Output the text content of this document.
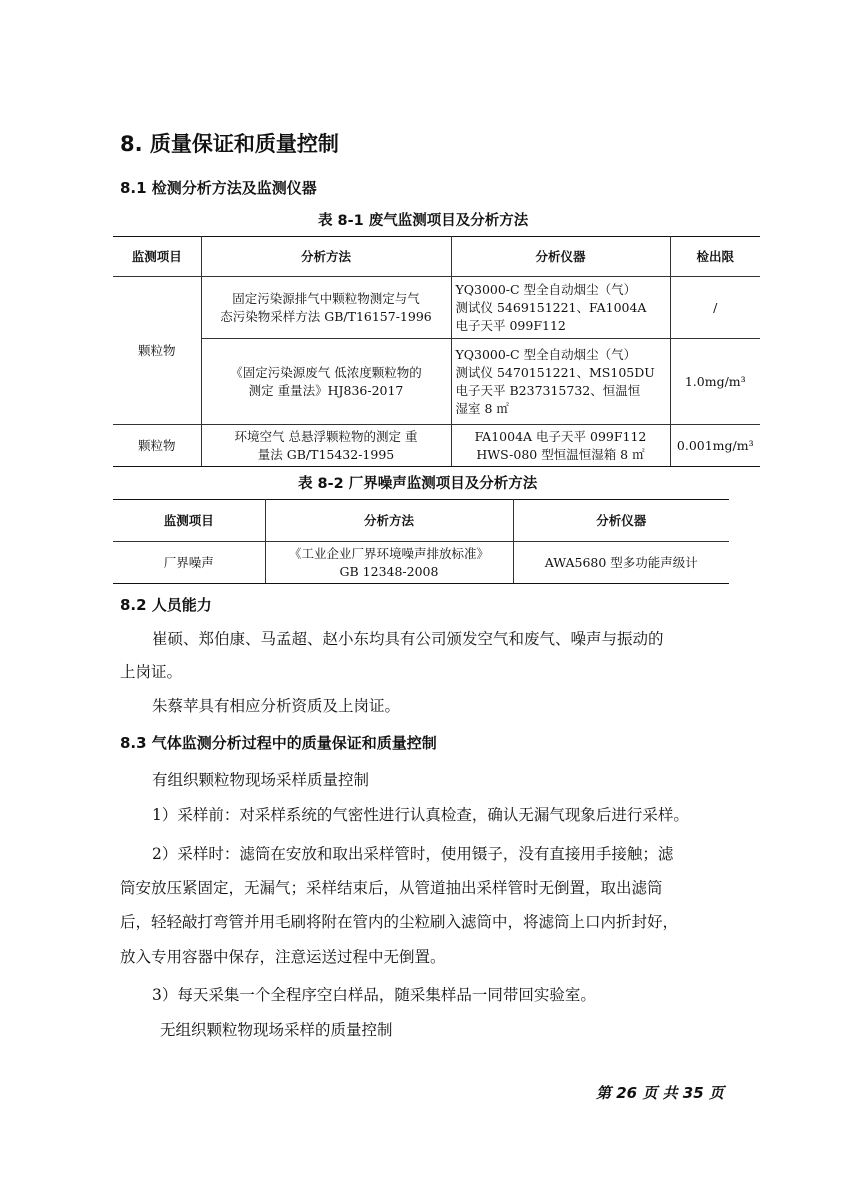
8. 质量保证和质量控制
8.1 检测分析方法及监测仪器
表 8-1 废气监测项目及分析方法
监测项目	分析方法	分析仪器	检出限
颗粒物	固定污染源排气中颗粒物测定与气
态污染物采样方法 GB/T16157-1996	YQ3000-C 型全自动烟尘（气）
测试仪 5469151221、FA1004A
电子天平 099F112	/

	《固定污染源废气 低浓度颗粒物的
测定 重量法》HJ836-2017	YQ3000-C 型全自动烟尘（气）
测试仪 5470151221、MS105DU
电子天平 B237315732、恒温恒
湿室 8 ㎡	1.0mg/m³
颗粒物	环境空气 总悬浮颗粒物的测定 重
量法 GB/T15432-1995	FA1004A 电子天平 099F112
HWS-080 型恒温恒湿箱 8 ㎡	0.001mg/m³
表 8-2 厂界噪声监测项目及分析方法
监测项目	分析方法	分析仪器
厂界噪声	《工业企业厂界环境噪声排放标准》
GB 12348-2008	AWA5680 型多功能声级计
8.2 人员能力
崔硕、郑伯康、马孟超、赵小东均具有公司颁发空气和废气、噪声与振动的
上岗证。
朱蔡苹具有相应分析资质及上岗证。
8.3 气体监测分析过程中的质量保证和质量控制
有组织颗粒物现场采样质量控制
1）采样前：对采样系统的气密性进行认真检查，确认无漏气现象后进行采样。
2）采样时：滤筒在安放和取出采样管时，使用镊子，没有直接用手接触；滤
筒安放压紧固定，无漏气；采样结束后，从管道抽出采样管时无倒置，取出滤筒
后，轻轻敲打弯管并用毛刷将附在管内的尘粒刷入滤筒中，将滤筒上口内折封好，
放入专用容器中保存，注意运送过程中无倒置。
3）每天采集一个全程序空白样品，随采集样品一同带回实验室。
无组织颗粒物现场采样的质量控制
第 26 页 共 35 页
